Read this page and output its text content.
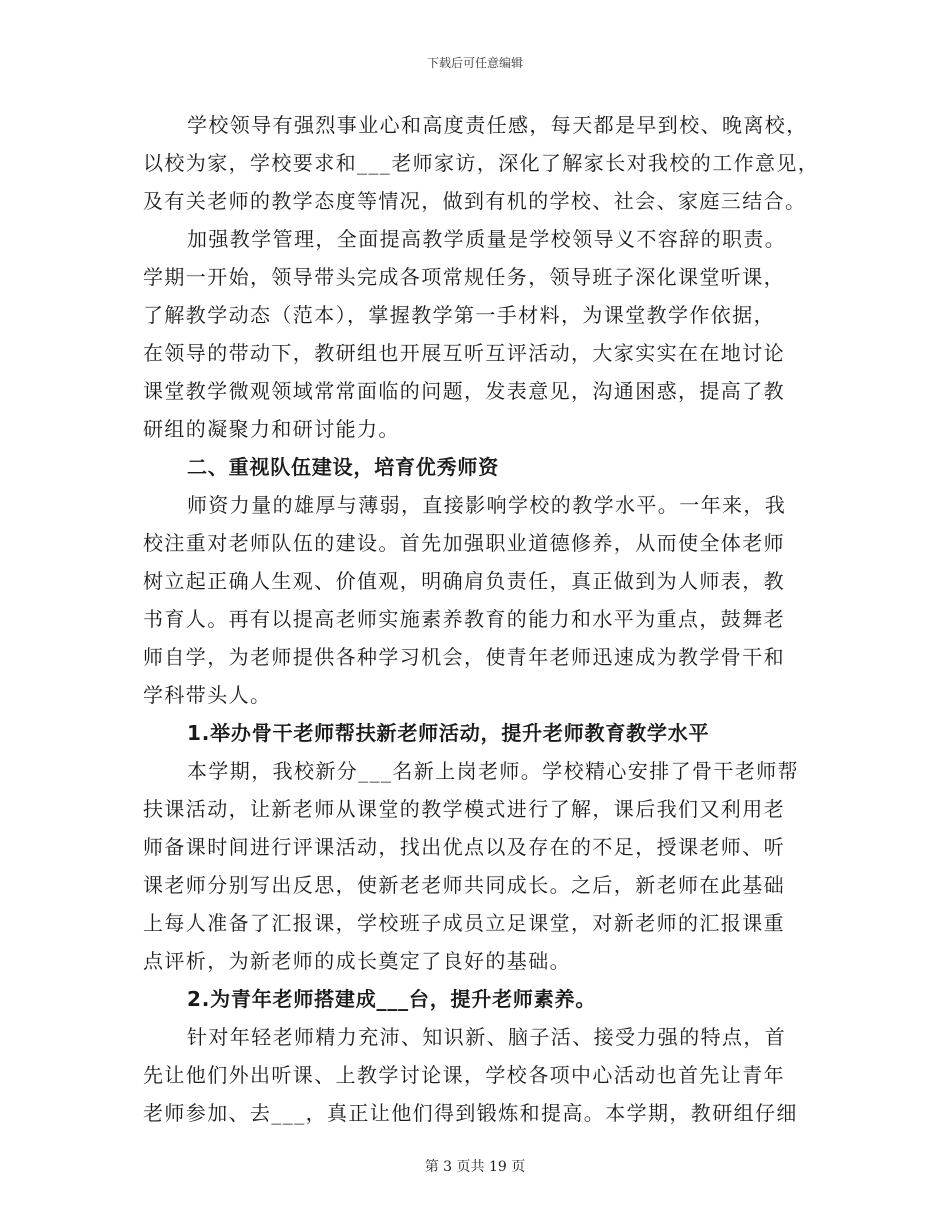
下载后可任意编辑
学校领导有强烈事业心和高度责任感，每天都是早到校、晚离校，
以校为家，学校要求和___老师家访，深化了解家长对我校的工作意见，
及有关老师的教学态度等情况，做到有机的学校、社会、家庭三结合。
加强教学管理，全面提高教学质量是学校领导义不容辞的职责。
学期一开始，领导带头完成各项常规任务，领导班子深化课堂听课，
了解教学动态（范本），掌握教学第一手材料，为课堂教学作依据，
在领导的带动下，教研组也开展互听互评活动，大家实实在在地讨论
课堂教学微观领域常常面临的问题，发表意见，沟通困惑，提高了教
研组的凝聚力和研讨能力。
二、重视队伍建设，培育优秀师资
师资力量的雄厚与薄弱，直接影响学校的教学水平。一年来，我
校注重对老师队伍的建设。首先加强职业道德修养，从而使全体老师
树立起正确人生观、价值观，明确肩负责任，真正做到为人师表，教
书育人。再有以提高老师实施素养教育的能力和水平为重点，鼓舞老
师自学，为老师提供各种学习机会，使青年老师迅速成为教学骨干和
学科带头人。
1.举办骨干老师帮扶新老师活动，提升老师教育教学水平
本学期，我校新分___名新上岗老师。学校精心安排了骨干老师帮
扶课活动，让新老师从课堂的教学模式进行了解，课后我们又利用老
师备课时间进行评课活动，找出优点以及存在的不足，授课老师、听
课老师分别写出反思，使新老老师共同成长。之后，新老师在此基础
上每人准备了汇报课，学校班子成员立足课堂，对新老师的汇报课重
点评析，为新老师的成长奠定了良好的基础。
2.为青年老师搭建成___台，提升老师素养。
针对年轻老师精力充沛、知识新、脑子活、接受力强的特点，首
先让他们外出听课、上教学讨论课，学校各项中心活动也首先让青年
老师参加、去___，真正让他们得到锻炼和提高。本学期，教研组仔细
第 3 页共 19 页
